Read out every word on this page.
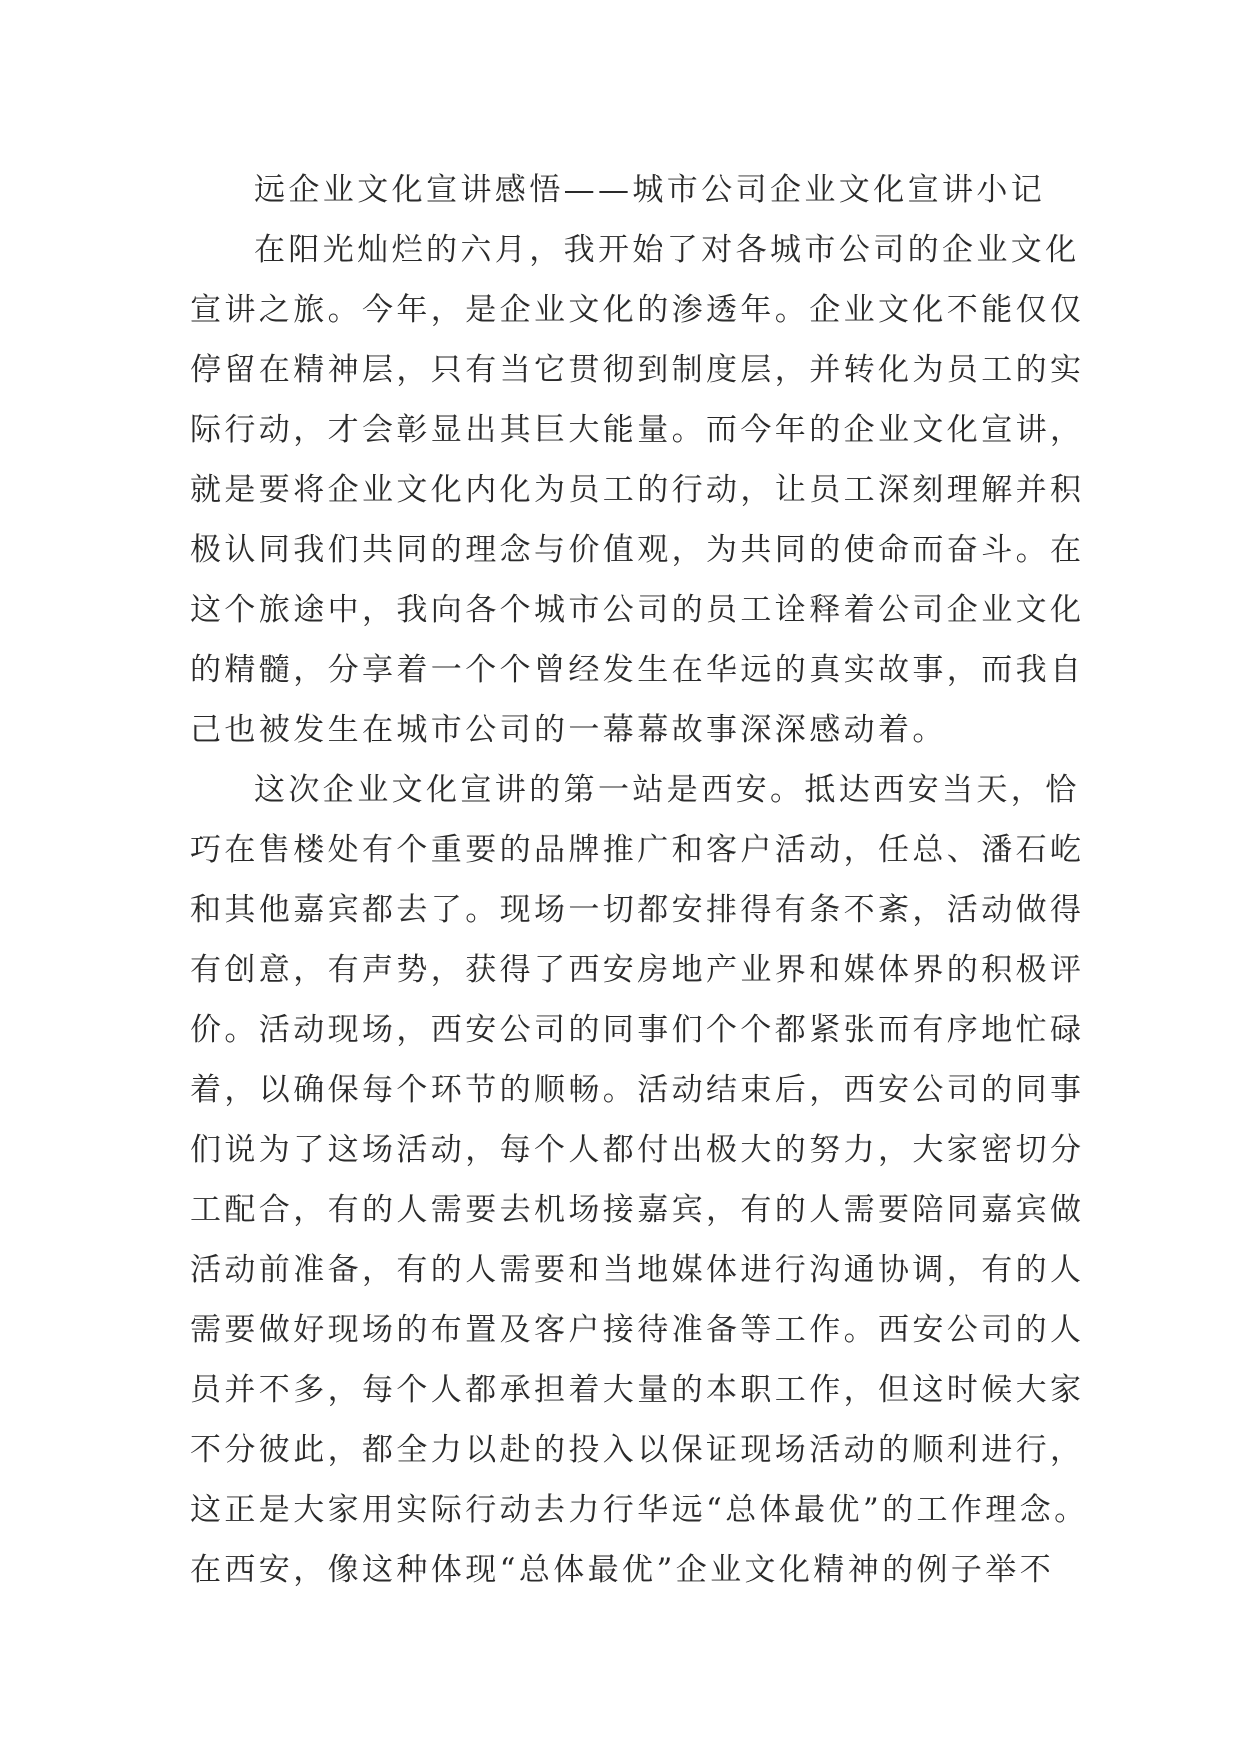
远企业文化宣讲感悟——城市公司企业文化宣讲小记
在阳光灿烂的六月，我开始了对各城市公司的企业文化
宣讲之旅。今年，是企业文化的渗透年。企业文化不能仅仅
停留在精神层，只有当它贯彻到制度层，并转化为员工的实
际行动，才会彰显出其巨大能量。而今年的企业文化宣讲，
就是要将企业文化内化为员工的行动，让员工深刻理解并积
极认同我们共同的理念与价值观，为共同的使命而奋斗。在
这个旅途中，我向各个城市公司的员工诠释着公司企业文化
的精髓，分享着一个个曾经发生在华远的真实故事，而我自
己也被发生在城市公司的一幕幕故事深深感动着。
这次企业文化宣讲的第一站是西安。抵达西安当天，恰
巧在售楼处有个重要的品牌推广和客户活动，任总、潘石屹
和其他嘉宾都去了。现场一切都安排得有条不紊，活动做得
有创意，有声势，获得了西安房地产业界和媒体界的积极评
价。活动现场，西安公司的同事们个个都紧张而有序地忙碌
着，以确保每个环节的顺畅。活动结束后，西安公司的同事
们说为了这场活动，每个人都付出极大的努力，大家密切分
工配合，有的人需要去机场接嘉宾，有的人需要陪同嘉宾做
活动前准备，有的人需要和当地媒体进行沟通协调，有的人
需要做好现场的布置及客户接待准备等工作。西安公司的人
员并不多，每个人都承担着大量的本职工作，但这时候大家
不分彼此，都全力以赴的投入以保证现场活动的顺利进行，
这正是大家用实际行动去力行华远“总体最优”的工作理念。
在西安，像这种体现“总体最优”企业文化精神的例子举不
